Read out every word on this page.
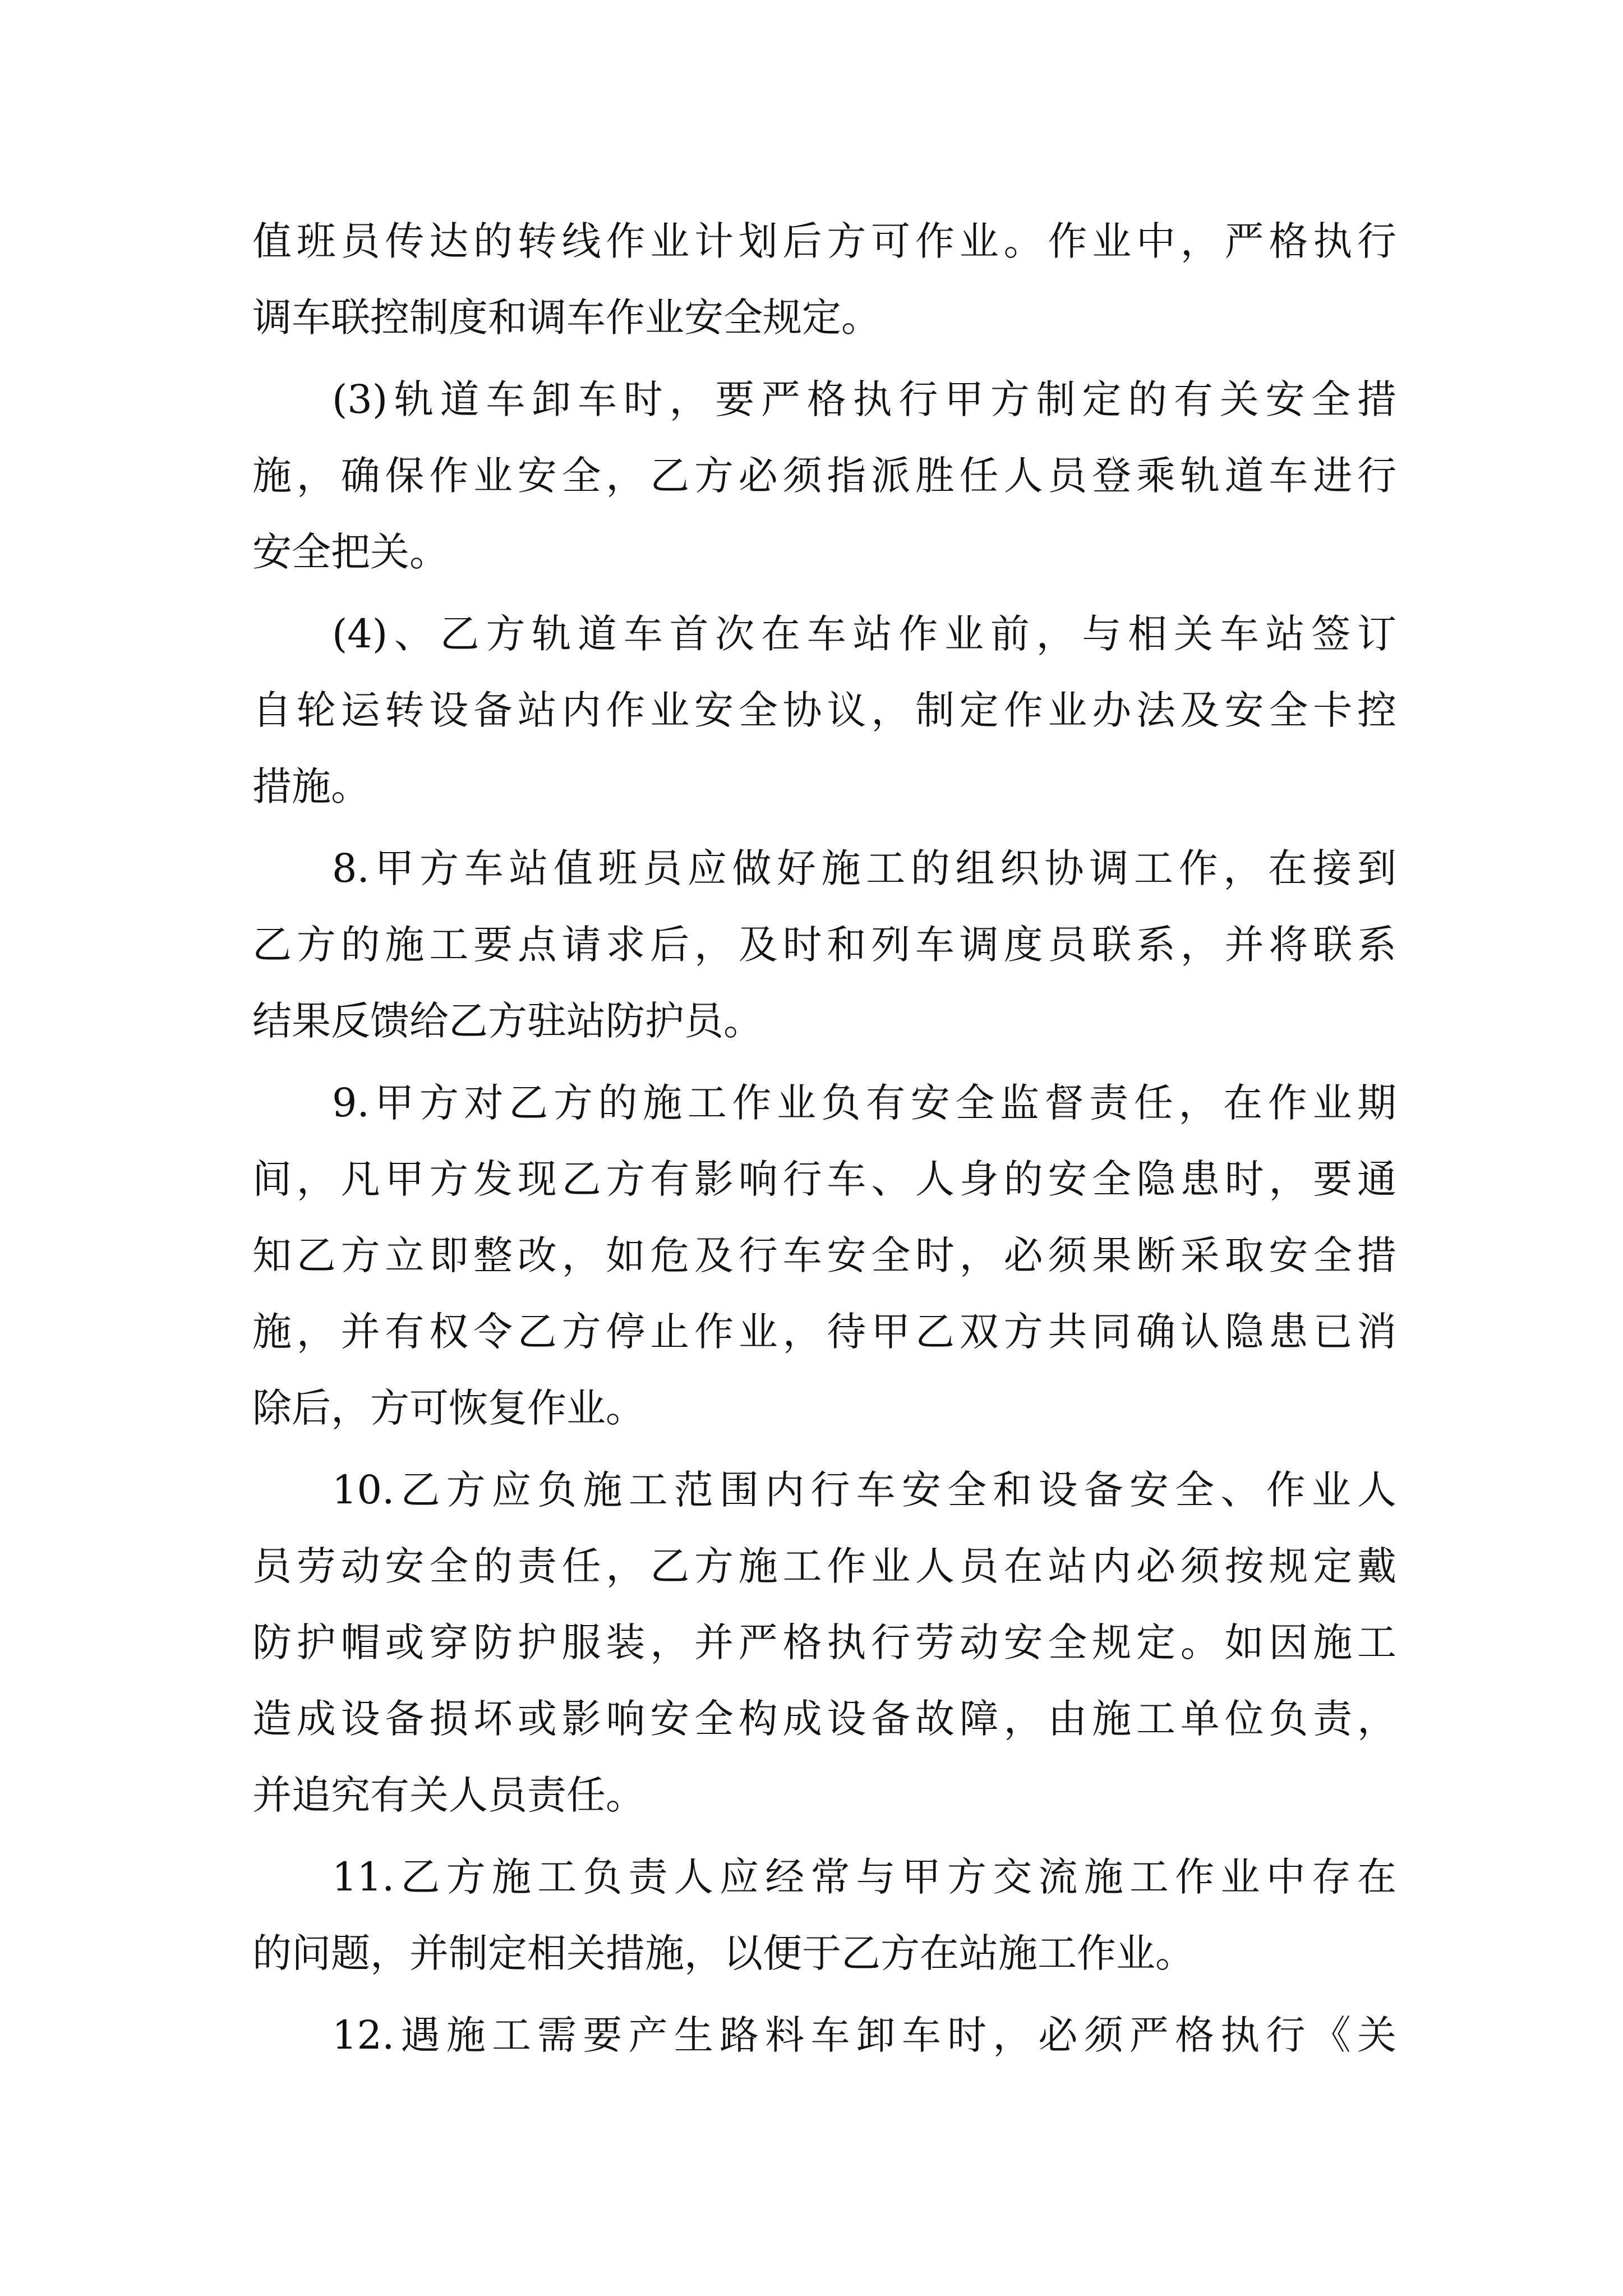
值班员传达的转线作业计划后方可作业。作业中，严格执行
调车联控制度和调车作业安全规定。
(3)轨道车卸车时，要严格执行甲方制定的有关安全措
施，确保作业安全，乙方必须指派胜任人员登乘轨道车进行
安全把关。
(4)、乙方轨道车首次在车站作业前，与相关车站签订
自轮运转设备站内作业安全协议，制定作业办法及安全卡控
措施。
8.甲方车站值班员应做好施工的组织协调工作，在接到
乙方的施工要点请求后，及时和列车调度员联系，并将联系
结果反馈给乙方驻站防护员。
9.甲方对乙方的施工作业负有安全监督责任，在作业期
间，凡甲方发现乙方有影响行车、人身的安全隐患时，要通
知乙方立即整改，如危及行车安全时，必须果断采取安全措
施，并有权令乙方停止作业，待甲乙双方共同确认隐患已消
除后，方可恢复作业。
10.乙方应负施工范围内行车安全和设备安全、作业人
员劳动安全的责任，乙方施工作业人员在站内必须按规定戴
防护帽或穿防护服装，并严格执行劳动安全规定。如因施工
造成设备损坏或影响安全构成设备故障，由施工单位负责，
并追究有关人员责任。
11.乙方施工负责人应经常与甲方交流施工作业中存在
的问题，并制定相关措施，以便于乙方在站施工作业。
12.遇施工需要产生路料车卸车时，必须严格执行《关
